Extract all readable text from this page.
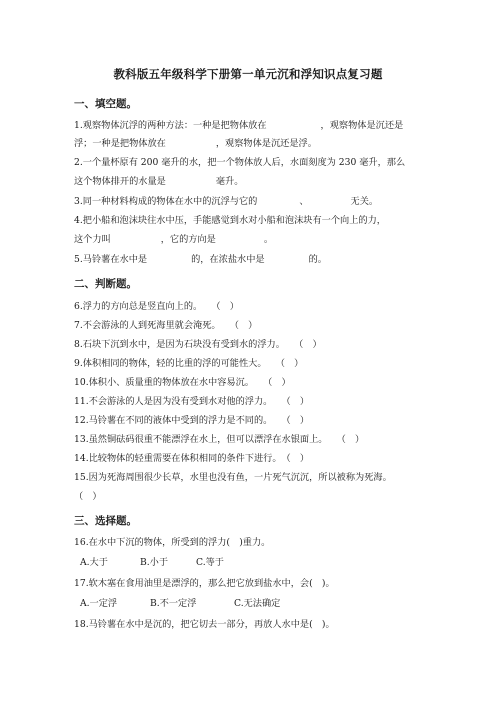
教科版五年级科学下册第一单元沉和浮知识点复习题
一、填空题。
1.观察物体沉浮的两种方法：一种是把物体放在	，观察物体是沉还是
浮；一种是把物体放在	，观察物体是沉还是浮。
2.一个量杯原有 200 毫升的水，把一个物体放人后，水面刻度为 230 毫升，那么
这个物体排开的水量是	毫升。
3.同一种材料构成的物体在水中的沉浮与它的	、	无关。
4.把小船和泡沫块往水中压，手能感觉到水对小船和泡沫块有一个向上的力，
这个力叫	，它的方向是	。
5.马铃薯在水中是	的，在浓盐水中是	的。
二、判断题。
6.浮力的方向总是竖直向上的。　　（　）
7.不会游泳的人到死海里就会淹死。　　（　）
8.石块下沉到水中，是因为石块没有受到水的浮力。　　（　）
9.体积相同的物体，轻的比重的浮的可能性大。　　（　）
10.体积小、质量重的物体放在水中容易沉。　　（　）
11.不会游泳的人是因为没有受到水对他的浮力。　　（　）
12.马铃薯在不同的液体中受到的浮力是不同的。　　（　）
13.虽然铜砝码很重不能漂浮在水上，但可以漂浮在水银面上。　　（　）
14.比较物体的轻重需要在体积相同的条件下进行。　（　）
15.因为死海周围很少长草，水里也没有鱼，一片死气沉沉，所以被称为死海。
（　）
三、选择题。
16.在水中下沉的物体，所受到的浮力(　)重力。
A.大于	B.小于	C.等于
17.软木塞在食用油里是漂浮的，那么把它放到盐水中，会(　)。
A.一定浮	B.不一定浮	C.无法确定
18.马铃薯在水中是沉的，把它切去一部分，再放人水中是(　)。
